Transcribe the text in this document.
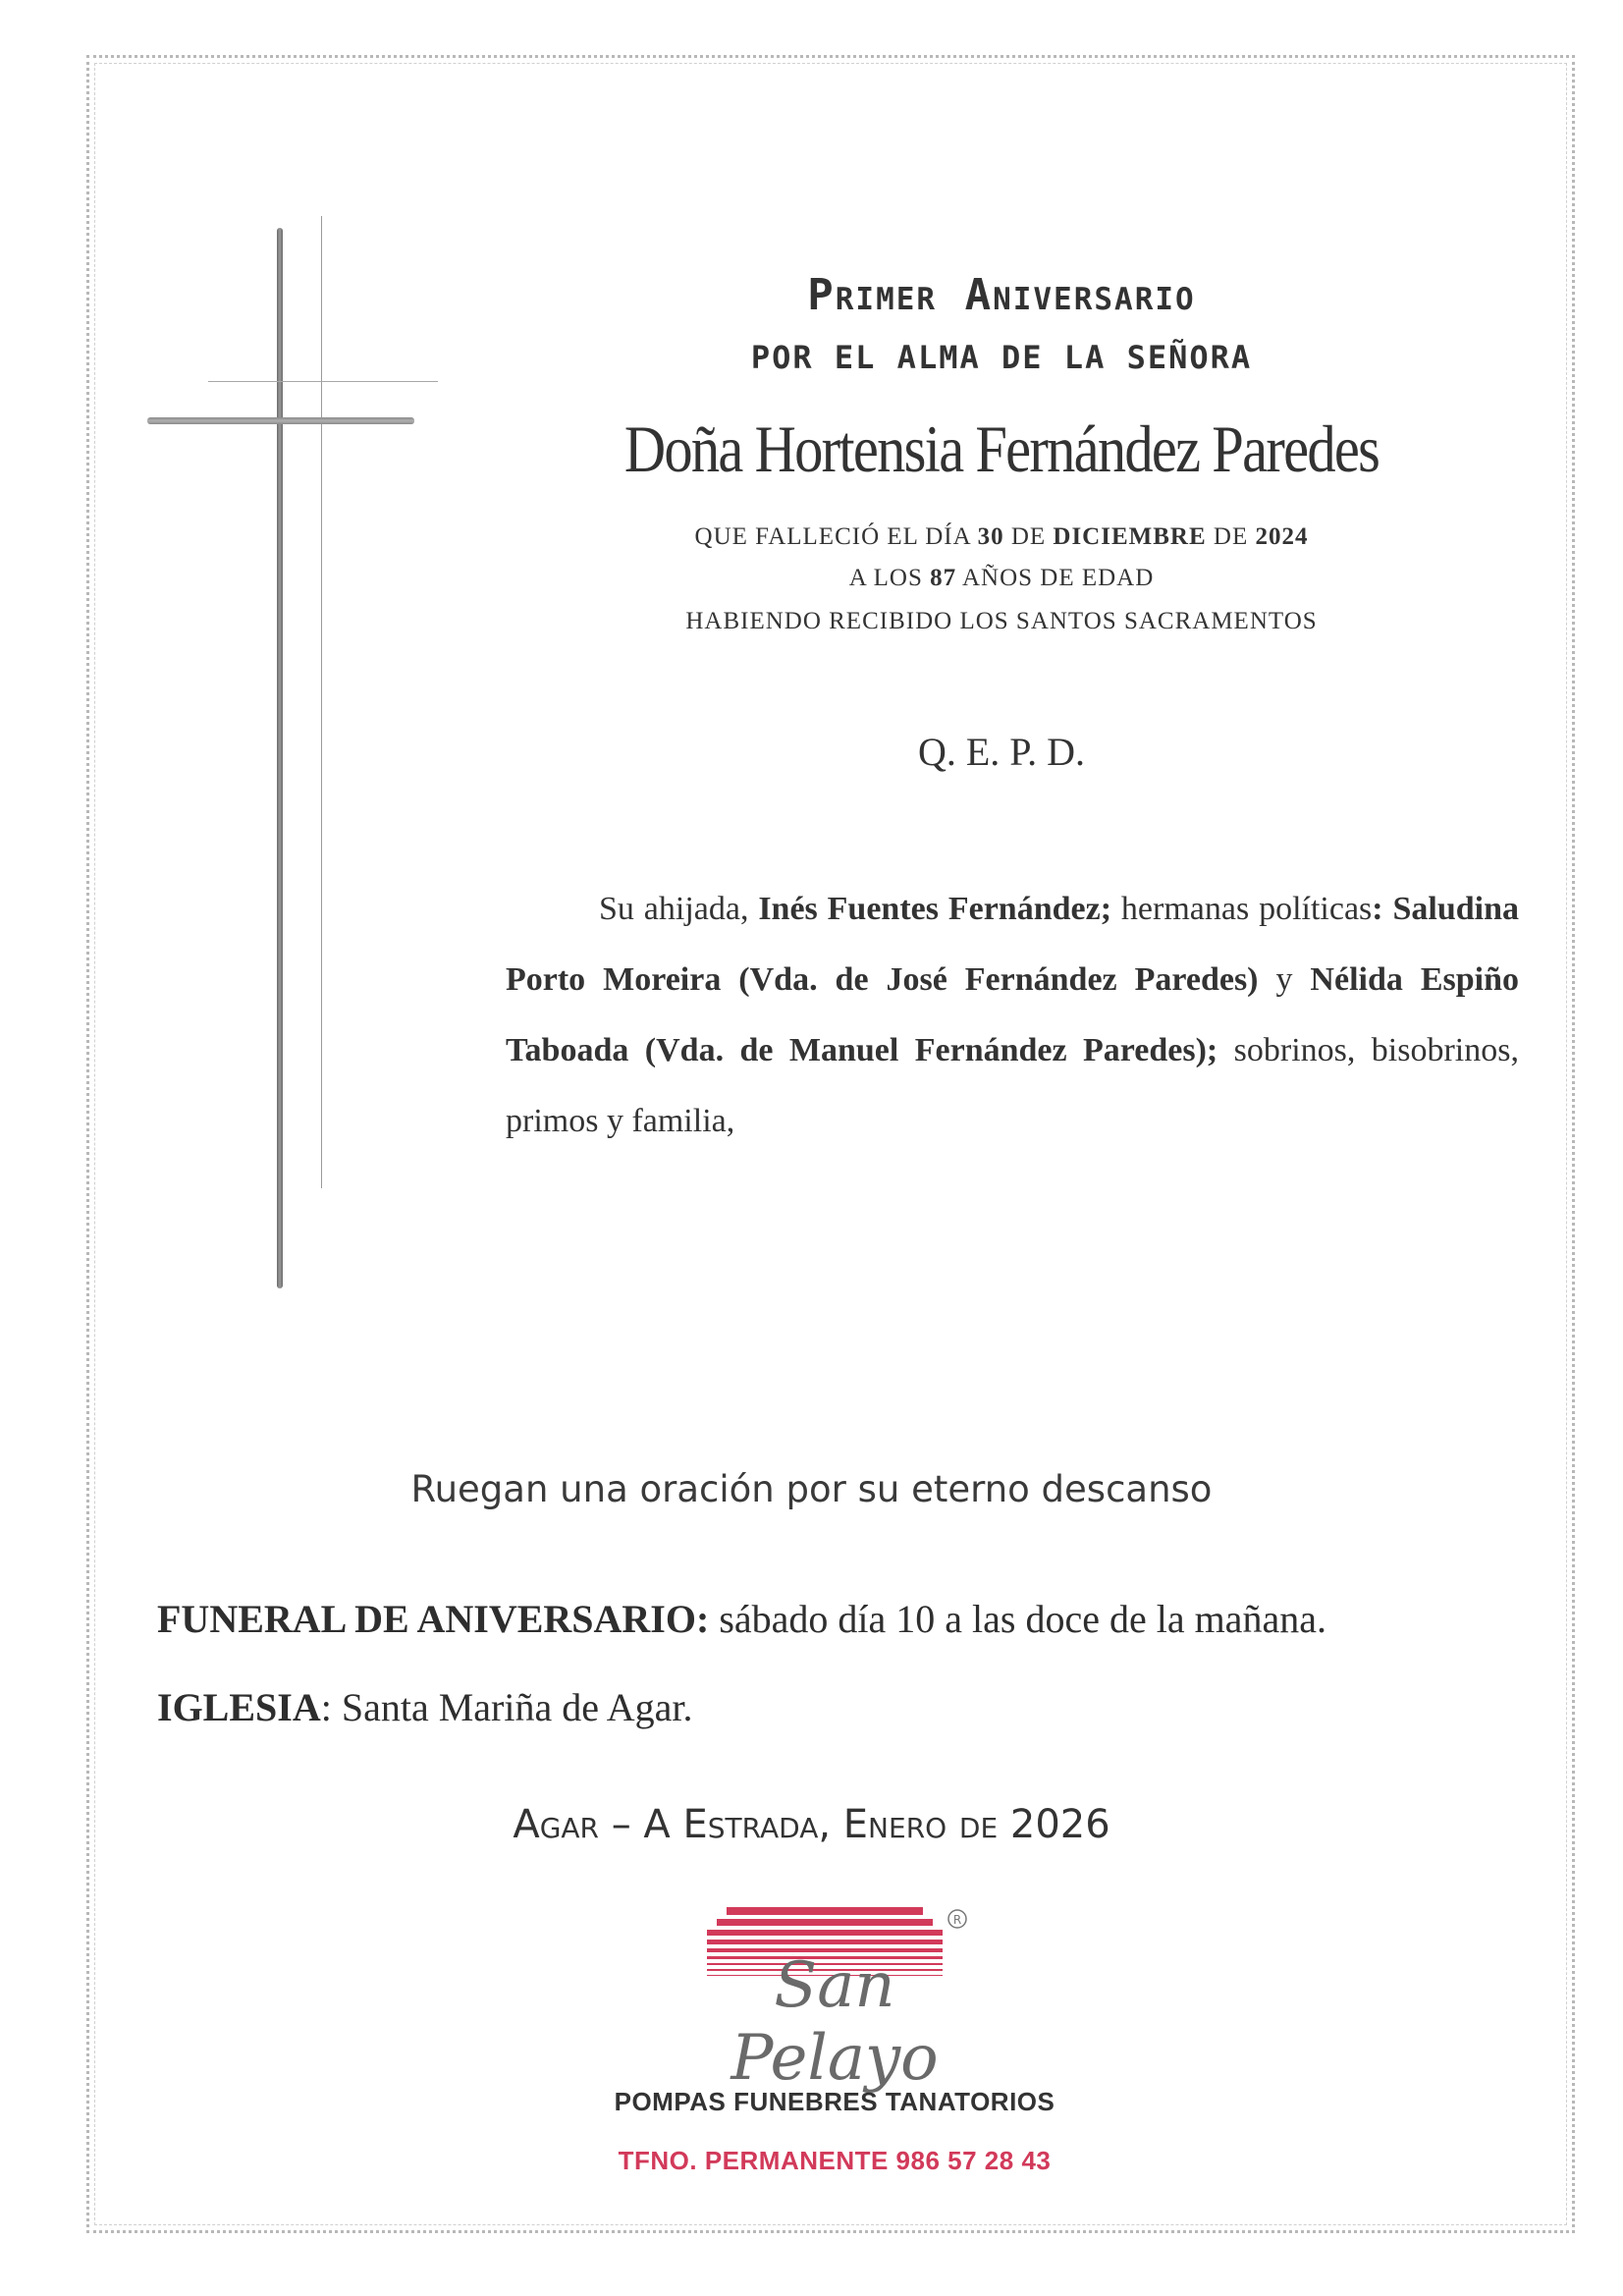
Primer Aniversario
POR EL ALMA DE LA SEÑORA
Doña Hortensia Fernández Paredes
QUE FALLECIÓ EL DÍA 30 DE DICIEMBRE DE 2024
A LOS 87 AÑOS DE EDAD
HABIENDO RECIBIDO LOS SANTOS SACRAMENTOS
Q. E. P. D.
Su ahijada, Inés Fuentes Fernández; hermanas políticas: Saludina Porto Moreira (Vda. de José Fernández Paredes) y Nélida Espiño Taboada (Vda. de Manuel Fernández Paredes); sobrinos, bisobrinos, primos y familia,
Ruegan una oración por su eterno descanso
FUNERAL DE ANIVERSARIO: sábado día 10 a las doce de la mañana.
IGLESIA: Santa Mariña de Agar.
Agar – A Estrada, Enero de 2026
R
San Pelayo
POMPAS FUNEBRES TANATORIOS
TFNO. PERMANENTE 986 57 28 43
